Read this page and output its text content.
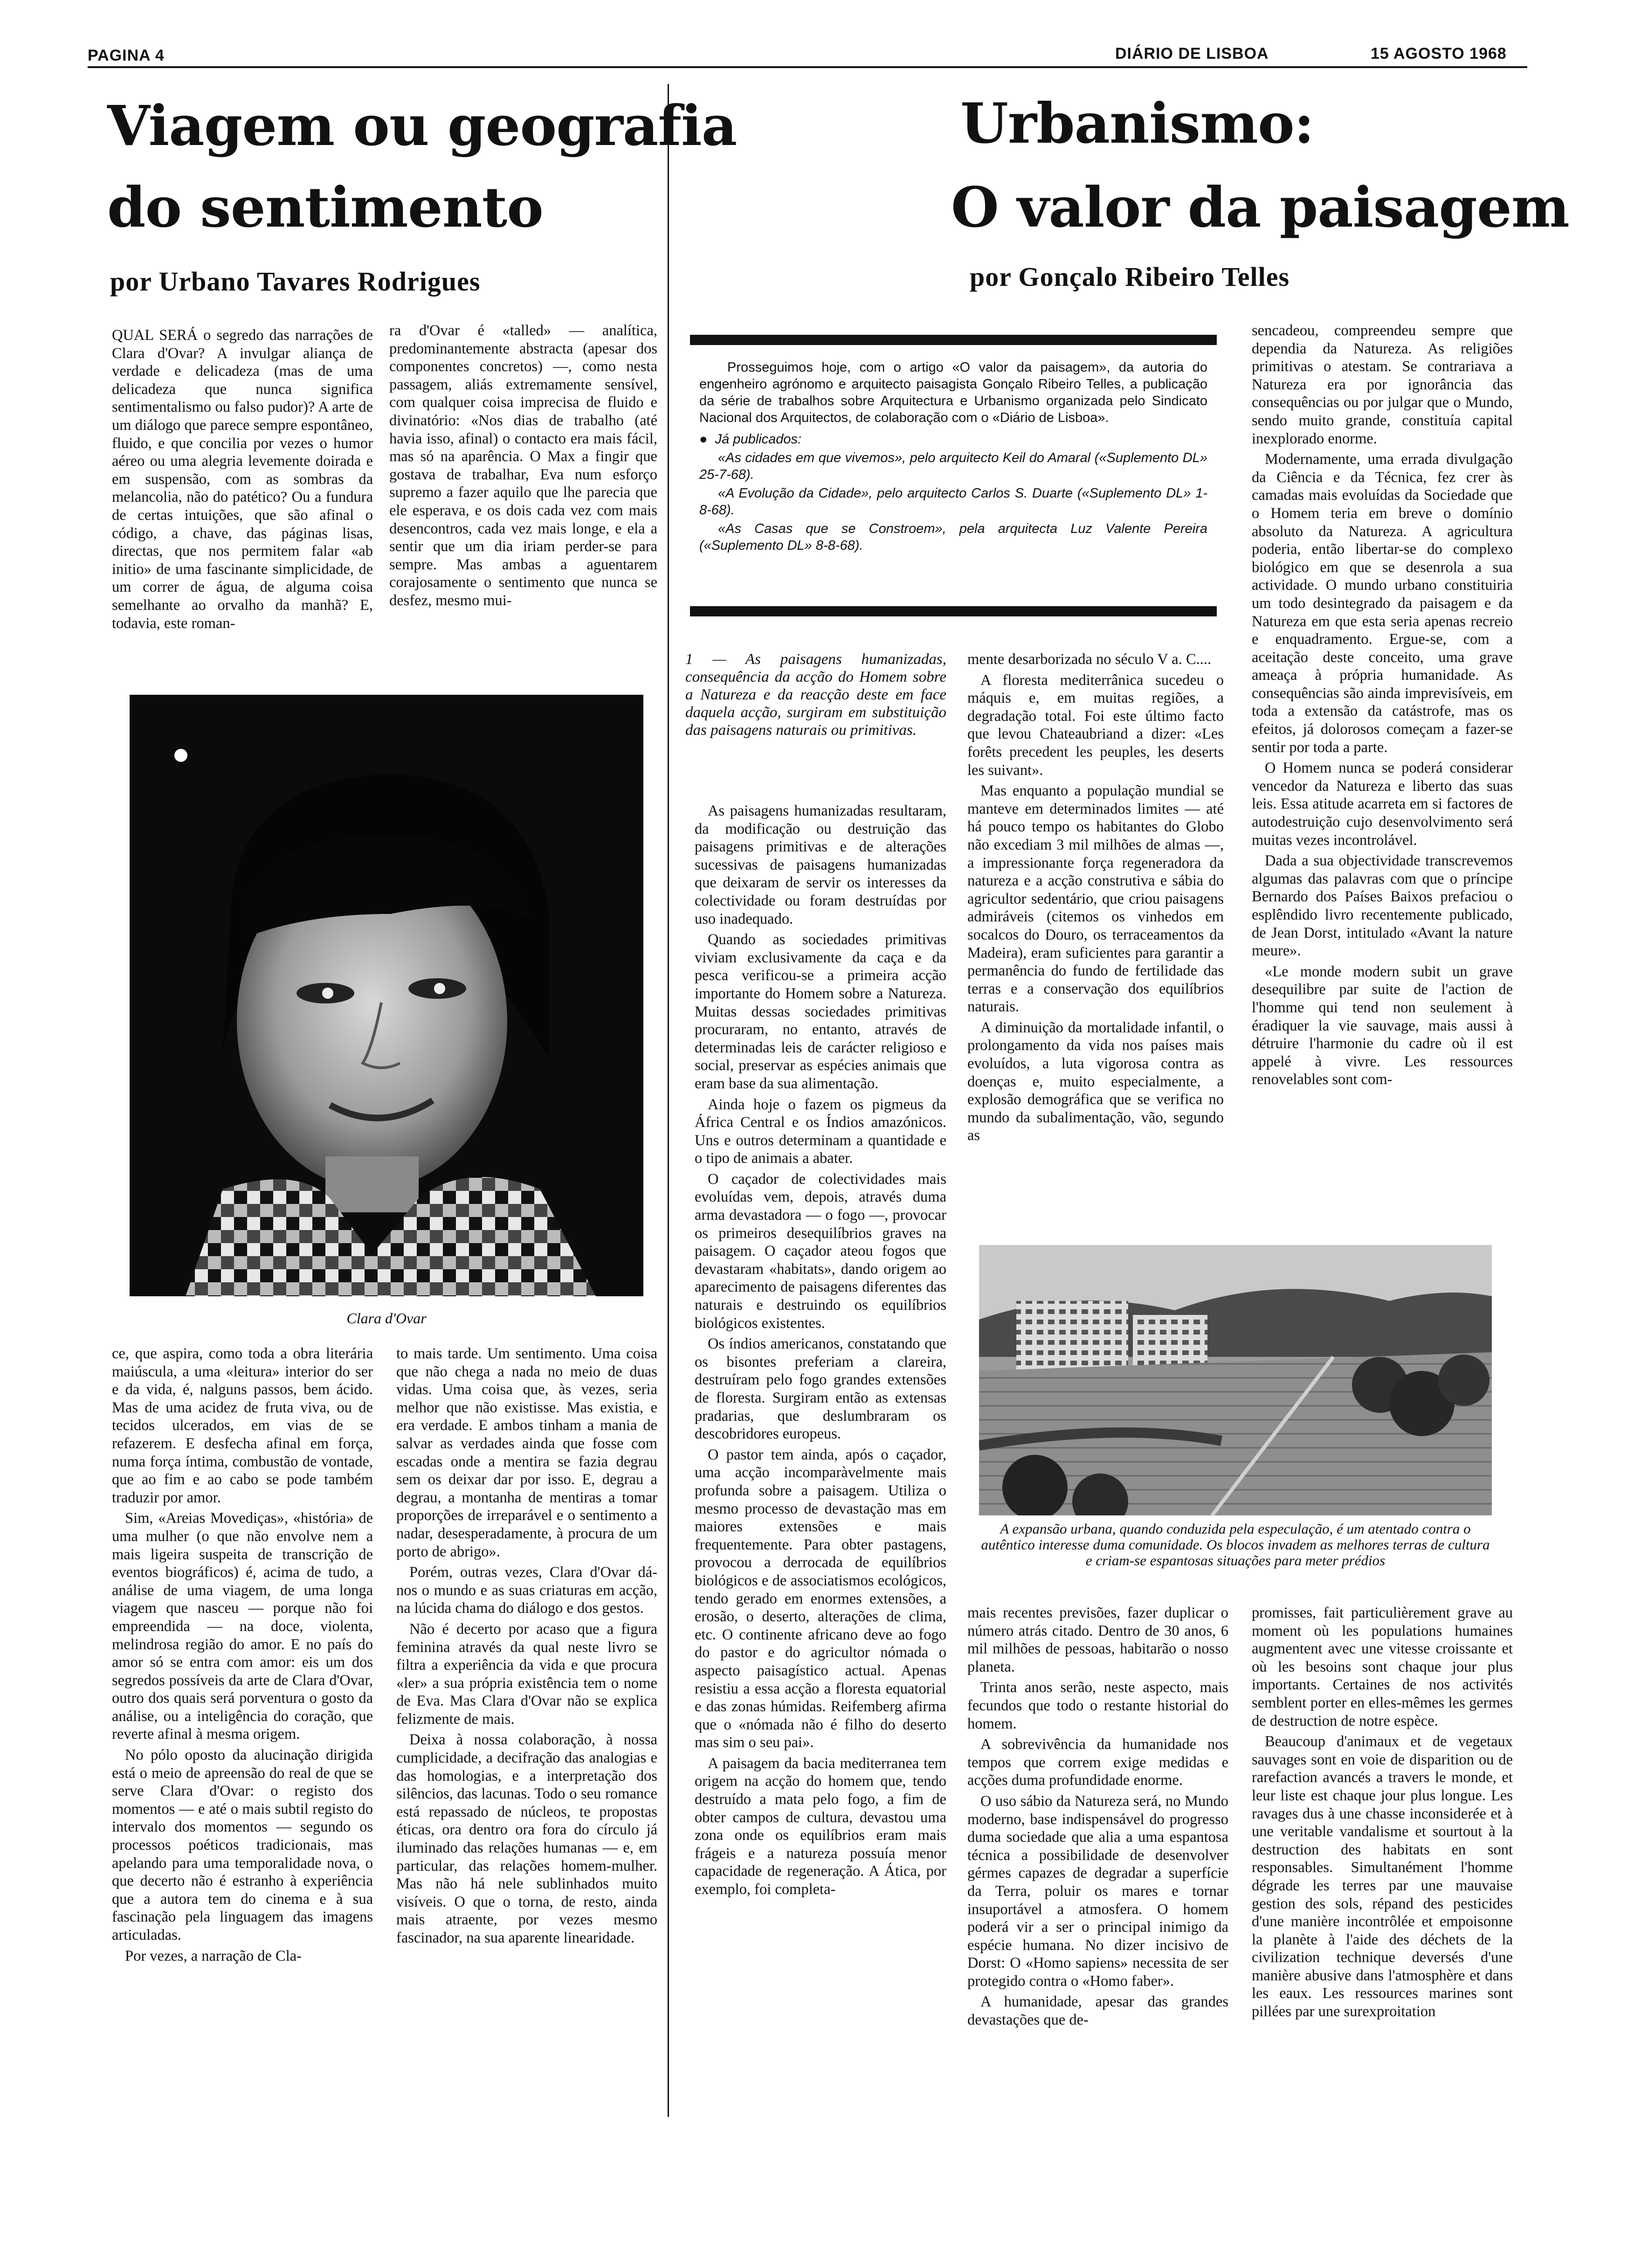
PAGINA 4	DIÁRIO DE LISBOA	15 AGOSTO 1968
Viagem ou geografia
do sentimento
por Urbano Tavares Rodrigues

QUAL SERÁ o segredo das narrações de Clara d'Ovar? A invulgar aliança de verdade e delicadeza (mas de uma delicadeza que nunca significa sentimentalismo ou falso pudor)? A arte de um diálogo que parece sempre espontâneo, fluido, e que concilia por vezes o humor aéreo ou uma alegria levemente doirada e em suspensão, com as sombras da melancolia, não do patético? Ou a fundura de certas intuições, que são afinal o código, a chave, das páginas lisas, directas, que nos permitem falar «ab initio» de uma fascinante simplicidade, de um correr de água, de alguma coisa semelhante ao orvalho da manhã? E, todavia, este roman-

ra d'Ovar é «talled» — analítica, predominantemente abstracta (apesar dos componentes concretos) —, como nesta passagem, aliás extremamente sensível, com qualquer coisa imprecisa de fluido e divinatório: «Nos dias de trabalho (até havia isso, afinal) o contacto era mais fácil, mas só na aparência. O Max a fingir que gostava de trabalhar, Eva num esforço supremo a fazer aquilo que lhe parecia que ele esperava, e os dois cada vez com mais desencontros, cada vez mais longe, e ela a sentir que um dia iriam perder-se para sempre. Mas ambas a aguentarem corajosamente o sentimento que nunca se desfez, mesmo mui-

Clara d'Ovar

ce, que aspira, como toda a obra literária maiúscula, a uma «leitura» interior do ser e da vida, é, nalguns passos, bem ácido. Mas de uma acidez de fruta viva, ou de tecidos ulcerados, em vias de se refazerem. E desfecha afinal em força, numa força íntima, combustão de vontade, que ao fim e ao cabo se pode também traduzir por amor.

Sim, «Areias Movediças», «história» de uma mulher (o que não envolve nem a mais ligeira suspeita de transcrição de eventos biográficos) é, acima de tudo, a análise de uma viagem, de uma longa viagem que nasceu — porque não foi empreendida — na doce, violenta, melindrosa região do amor. E no país do amor só se entra com amor: eis um dos segredos possíveis da arte de Clara d'Ovar, outro dos quais será porventura o gosto da análise, ou a inteligência do coração, que reverte afinal à mesma origem.

No pólo oposto da alucinação dirigida está o meio de apreensão do real de que se serve Clara d'Ovar: o registo dos momentos — e até o mais subtil registo do intervalo dos momentos — segundo os processos poéticos tradicionais, mas apelando para uma temporalidade nova, o que decerto não é estranho à experiência que a autora tem do cinema e à sua fascinação pela linguagem das imagens articuladas.

Por vezes, a narração de Cla-

to mais tarde. Um sentimento. Uma coisa que não chega a nada no meio de duas vidas. Uma coisa que, às vezes, seria melhor que não existisse. Mas existia, e era verdade. E ambos tinham a mania de salvar as verdades ainda que fosse com escadas onde a mentira se fazia degrau sem os deixar dar por isso. E, degrau a degrau, a montanha de mentiras a tomar proporções de irreparável e o sentimento a nadar, desesperadamente, à procura de um porto de abrigo».

Porém, outras vezes, Clara d'Ovar dá-nos o mundo e as suas criaturas em acção, na lúcida chama do diálogo e dos gestos.

Não é decerto por acaso que a figura feminina através da qual neste livro se filtra a experiência da vida e que procura «ler» a sua própria existência tem o nome de Eva. Mas Clara d'Ovar não se explica felizmente de mais.

Deixa à nossa colaboração, à nossa cumplicidade, a decifração das analogias e das homologias, e a interpretação dos silêncios, das lacunas. Todo o seu romance está repassado de núcleos, te propostas éticas, ora dentro ora fora do círculo já iluminado das relações humanas — e, em particular, das relações homem-mulher. Mas não há nele sublinhados muito visíveis. O que o torna, de resto, ainda mais atraente, por vezes mesmo fascinador, na sua aparente linearidade.

Urbanismo:
O valor da paisagem
por Gonçalo Ribeiro Telles

Prosseguimos hoje, com o artigo «O valor da paisagem», da autoria do engenheiro agrónomo e arquitecto paisagista Gonçalo Ribeiro Telles, a publicação da série de trabalhos sobre Arquitectura e Urbanismo organizada pelo Sindicato Nacional dos Arquitectos, de colaboração com o «Diário de Lisboa».

●  Já publicados:

«As cidades em que vivemos», pelo arquitecto Keil do Amaral («Suplemento DL» 25-7-68).

«A Evolução da Cidade», pelo arquitecto Carlos S. Duarte («Suplemento DL» 1-8-68).

«As Casas que se Constroem», pela arquitecta Luz Valente Pereira («Suplemento DL» 8-8-68).

1 — As paisagens humanizadas, consequência da acção do Homem sobre a Natureza e da reacção deste em face daquela acção, surgiram em substituição das paisagens naturais ou primitivas.

As paisagens humanizadas resultaram, da modificação ou destruição das paisagens primitivas e de alterações sucessivas de paisagens humanizadas que deixaram de servir os interesses da colectividade ou foram destruídas por uso inadequado.

Quando as sociedades primitivas viviam exclusivamente da caça e da pesca verificou-se a primeira acção importante do Homem sobre a Natureza. Muitas dessas sociedades primitivas procuraram, no entanto, através de determinadas leis de carácter religioso e social, preservar as espécies animais que eram base da sua alimentação.

Ainda hoje o fazem os pigmeus da África Central e os Índios amazónicos. Uns e outros determinam a quantidade e o tipo de animais a abater.

O caçador de colectividades mais evoluídas vem, depois, através duma arma devastadora — o fogo —, provocar os primeiros desequilíbrios graves na paisagem. O caçador ateou fogos que devastaram «habitats», dando origem ao aparecimento de paisagens diferentes das naturais e destruindo os equilíbrios biológicos existentes.

Os índios americanos, constatando que os bisontes preferiam a clareira, destruíram pelo fogo grandes extensões de floresta. Surgiram então as extensas pradarias, que deslumbraram os descobridores europeus.

O pastor tem ainda, após o caçador, uma acção incomparàvelmente mais profunda sobre a paisagem. Utiliza o mesmo processo de devastação mas em maiores extensões e mais frequentemente. Para obter pastagens, provocou a derrocada de equilíbrios biológicos e de associatismos ecológicos, tendo gerado em enormes extensões, a erosão, o deserto, alterações de clima, etc. O continente africano deve ao fogo do pastor e do agricultor nómada o aspecto paisagístico actual. Apenas resistiu a essa acção a floresta equatorial e das zonas húmidas. Reifemberg afirma que o «nómada não é filho do deserto mas sim o seu pai».

A paisagem da bacia mediterranea tem origem na acção do homem que, tendo destruído a mata pelo fogo, a fim de obter campos de cultura, devastou uma zona onde os equilíbrios eram mais frágeis e a natureza possuía menor capacidade de regeneração. A Ática, por exemplo, foi completa-

mente desarborizada no século V a. C....

A floresta mediterrânica sucedeu o máquis e, em muitas regiões, a degradação total. Foi este último facto que levou Chateaubriand a dizer: «Les forêts precedent les peuples, les deserts les suivant».

Mas enquanto a população mundial se manteve em determinados limites — até há pouco tempo os habitantes do Globo não excediam 3 mil milhões de almas —, a impressionante força regeneradora da natureza e a acção construtiva e sábia do agricultor sedentário, que criou paisagens admiráveis (citemos os vinhedos em socalcos do Douro, os terraceamentos da Madeira), eram suficientes para garantir a permanência do fundo de fertilidade das terras e a conservação dos equilíbrios naturais.

A diminuição da mortalidade infantil, o prolongamento da vida nos países mais evoluídos, a luta vigorosa contra as doenças e, muito especialmente, a explosão demográfica que se verifica no mundo da subalimentação, vão, segundo as

sencadeou, compreendeu sempre que dependia da Natureza. As religiões primitivas o atestam. Se contrariava a Natureza era por ignorância das consequências ou por julgar que o Mundo, sendo muito grande, constituía capital inexplorado enorme.

Modernamente, uma errada divulgação da Ciência e da Técnica, fez crer às camadas mais evoluídas da Sociedade que o Homem teria em breve o domínio absoluto da Natureza. A agricultura poderia, então libertar-se do complexo biológico em que se desenrola a sua actividade. O mundo urbano constituiria um todo desintegrado da paisagem e da Natureza em que esta seria apenas recreio e enquadramento. Ergue-se, com a aceitação deste conceito, uma grave ameaça à própria humanidade. As consequências são ainda imprevisíveis, em toda a extensão da catástrofe, mas os efeitos, já dolorosos começam a fazer-se sentir por toda a parte.

O Homem nunca se poderá considerar vencedor da Natureza e liberto das suas leis. Essa atitude acarreta em si factores de autodestruição cujo desenvolvimento será muitas vezes incontrolável.

Dada a sua objectividade transcrevemos algumas das palavras com que o príncipe Bernardo dos Países Baixos prefaciou o esplêndido livro recentemente publicado, de Jean Dorst, intitulado «Avant la nature meure».

«Le monde modern subit un grave desequilibre par suite de l'action de l'homme qui tend non seulement à éradiquer la vie sauvage, mais aussi à détruire l'harmonie du cadre où il est appelé à vivre. Les ressources renovelables sont com-

A expansão urbana, quando conduzida pela especulação, é um atentado contra o autêntico interesse duma comunidade. Os blocos invadem as melhores terras de cultura e criam-se espantosas situações para meter prédios

mais recentes previsões, fazer duplicar o número atrás citado. Dentro de 30 anos, 6 mil milhões de pessoas, habitarão o nosso planeta.

Trinta anos serão, neste aspecto, mais fecundos que todo o restante historial do homem.

A sobrevivência da humanidade nos tempos que correm exige medidas e acções duma profundidade enorme.

O uso sábio da Natureza será, no Mundo moderno, base indispensável do progresso duma sociedade que alia a uma espantosa técnica a possibilidade de desenvolver gérmes capazes de degradar a superfície da Terra, poluir os mares e tornar insuportável a atmosfera. O homem poderá vir a ser o principal inimigo da espécie humana. No dizer incisivo de Dorst: O «Homo sapiens» necessita de ser protegido contra o «Homo faber».

A humanidade, apesar das grandes devastações que de-

promisses, fait particulièrement grave au moment où les populations humaines augmentent avec une vitesse croissante et où les besoins sont chaque jour plus importants. Certaines de nos activités semblent porter en elles-mêmes les germes de destruction de notre espèce.

Beaucoup d'animaux et de vegetaux sauvages sont en voie de disparition ou de rarefaction avancés a travers le monde, et leur liste est chaque jour plus longue. Les ravages dus à une chasse inconsiderée et à une veritable vandalisme et sourtout à la destruction des habitats en sont responsables. Simultanément l'homme dégrade les terres par une mauvaise gestion des sols, répand des pesticides d'une manière incontrôlée et empoisonne la planète à l'aide des déchets de la civilization technique deversés d'une manière abusive dans l'atmosphère et dans les eaux. Les ressources marines sont pillées par une surexproitation
